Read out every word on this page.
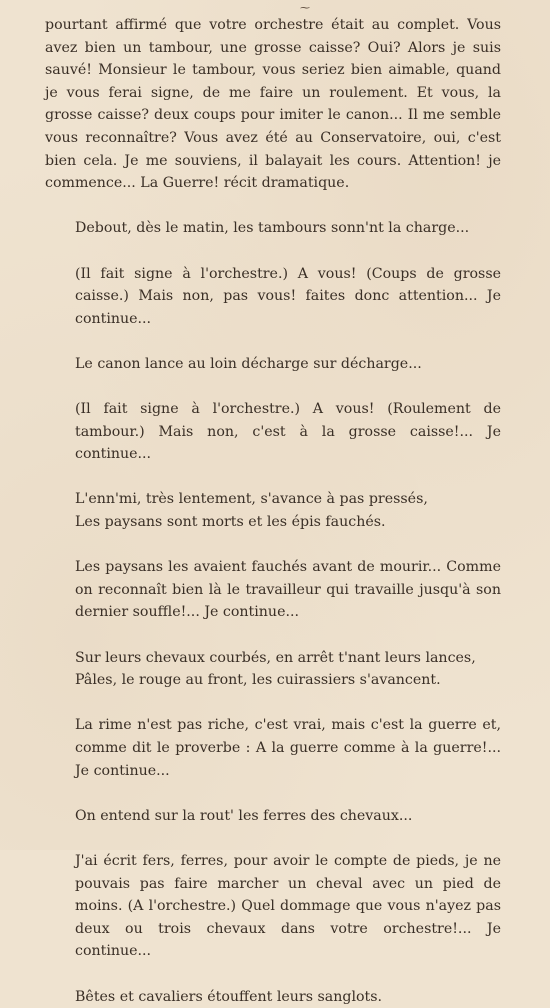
⁓

pourtant affirmé que votre orchestre était au complet. Vous avez bien un tambour, une grosse caisse? Oui? Alors je suis sauvé! Monsieur le tambour, vous seriez bien aimable, quand je vous ferai signe, de me faire un roulement. Et vous, la grosse caisse? deux coups pour imiter le canon... Il me semble vous reconnaître? Vous avez été au Conservatoire, oui, c'est bien cela. Je me souviens, il balayait les cours. Attention! je commence... La Guerre! récit dramatique.

Debout, dès le matin, les tambours sonn'nt la charge...

(Il fait signe à l'orchestre.) A vous! (Coups de grosse caisse.) Mais non, pas vous! faites donc attention... Je continue...

Le canon lance au loin décharge sur décharge...

(Il fait signe à l'orchestre.) A vous! (Roulement de tambour.) Mais non, c'est à la grosse caisse!... Je continue...

L'enn'mi, très lentement, s'avance à pas pressés,

Les paysans sont morts et les épis fauchés.

Les paysans les avaient fauchés avant de mourir... Comme on reconnaît bien là le travailleur qui travaille jusqu'à son dernier souffle!... Je continue...

Sur leurs chevaux courbés, en arrêt t'nant leurs lances,

Pâles, le rouge au front, les cuirassiers s'avancent.

La rime n'est pas riche, c'est vrai, mais c'est la guerre et, comme dit le proverbe : A la guerre comme à la guerre!... Je continue...

On entend sur la rout' les ferres des chevaux...

J'ai écrit fers, ferres, pour avoir le compte de pieds, je ne pouvais pas faire marcher un cheval avec un pied de moins. (A l'orchestre.) Quel dommage que vous n'ayez pas deux ou trois chevaux dans votre orchestre!... Je continue...

Bêtes et cavaliers étouffent leurs sanglots.
